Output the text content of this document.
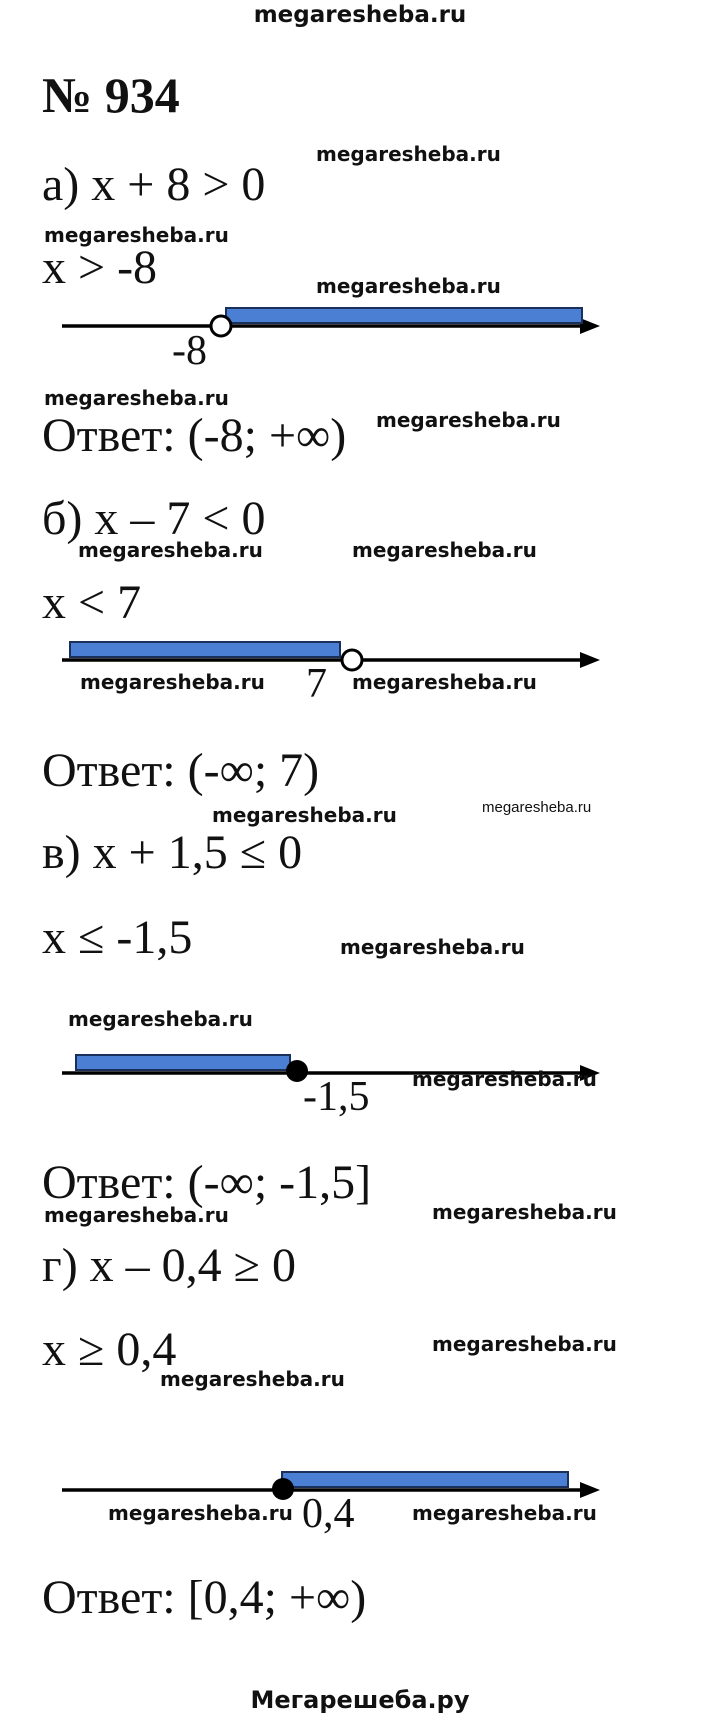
megaresheba.ru
№ 934
а) x + 8 > 0
x > -8
-8
Ответ: (-8; +∞)
б) x – 7 < 0
x < 7
7
Ответ: (-∞; 7)
в) x + 1,5 ≤ 0
x ≤ -1,5
-1,5
Ответ: (-∞; -1,5]
г) x – 0,4 ≥ 0
x ≥ 0,4
0,4
Ответ: [0,4; +∞)
megaresheba.ru
megaresheba.ru
megaresheba.ru
megaresheba.ru
megaresheba.ru
megaresheba.ru	megaresheba.ru
megaresheba.ru	megaresheba.ru
megaresheba.ru	megaresheba.ru
megaresheba.ru
megaresheba.ru
megaresheba.ru
megaresheba.ru	megaresheba.ru
megaresheba.ru
megaresheba.ru
megaresheba.ru	megaresheba.ru
Мегарешеба.ру
